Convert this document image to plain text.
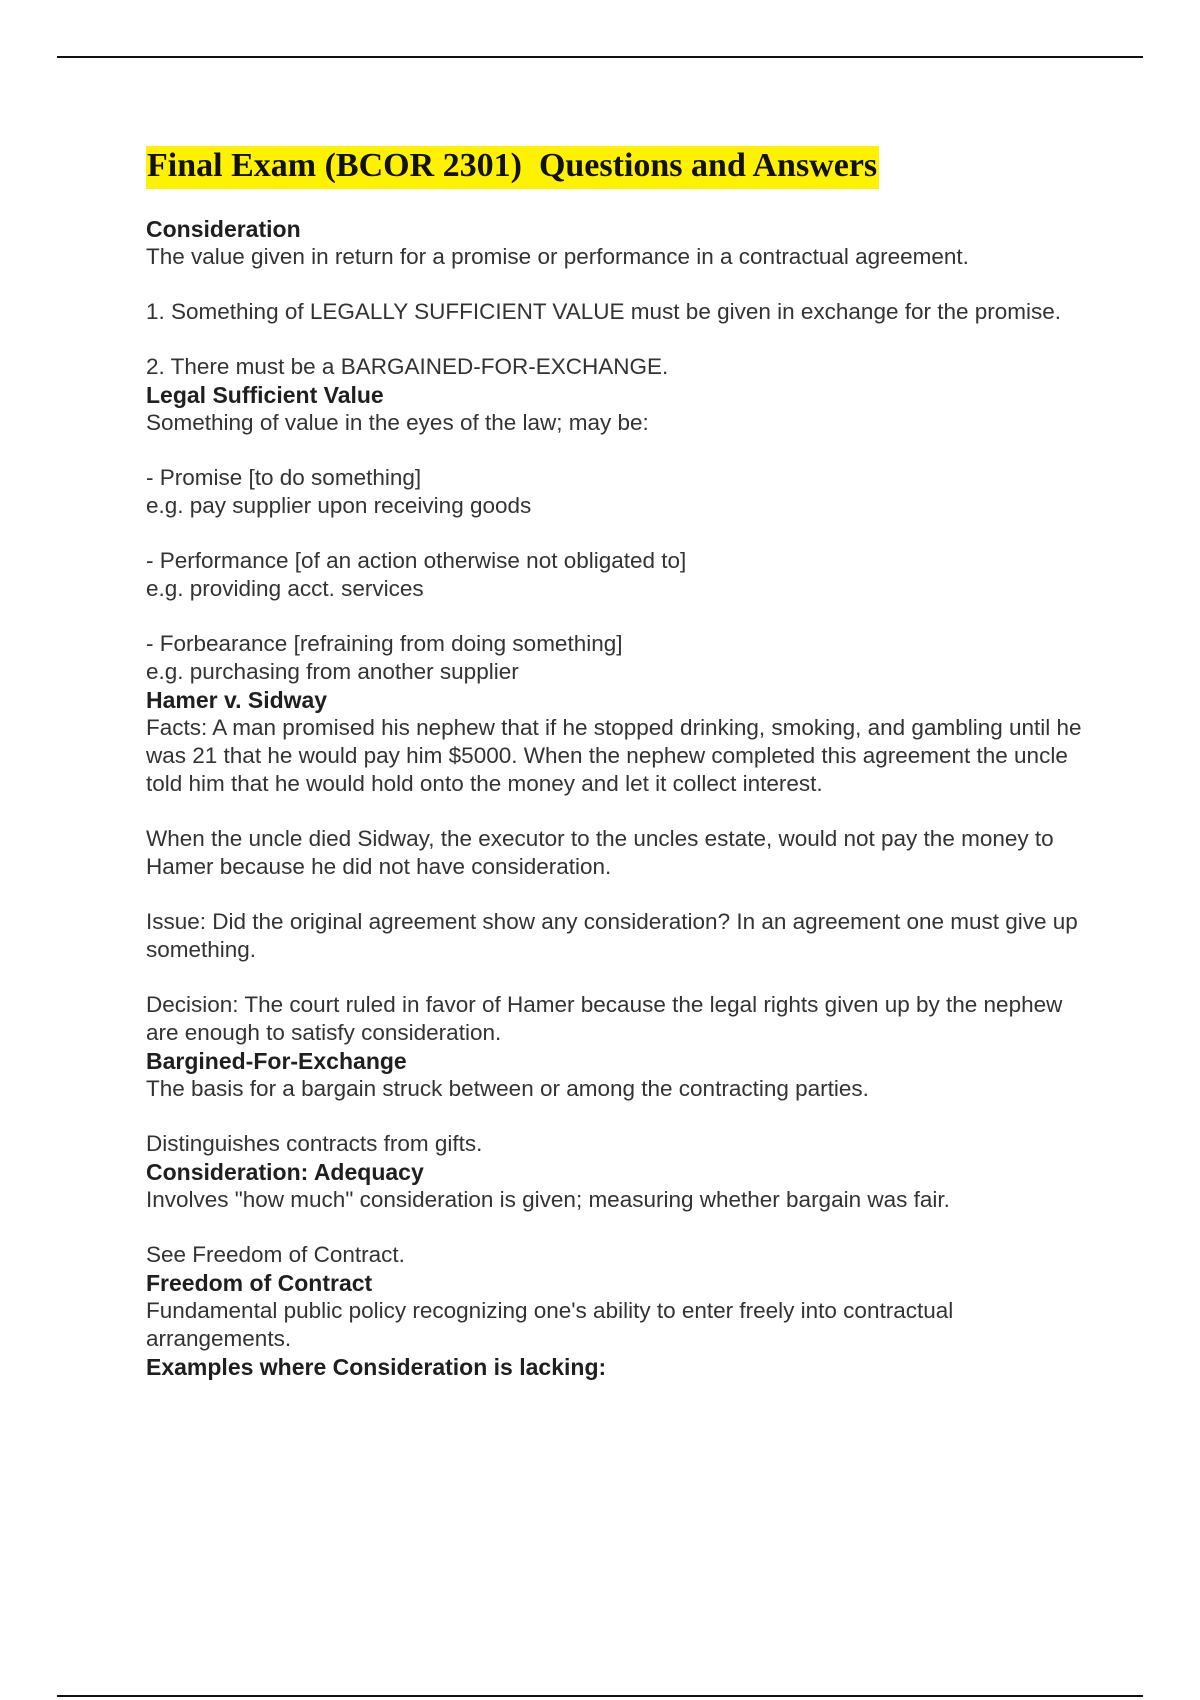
Final Exam (BCOR 2301)  Questions and Answers

Consideration

The value given in return for a promise or performance in a contractual agreement.

1. Something of LEGALLY SUFFICIENT VALUE must be given in exchange for the promise.

2. There must be a BARGAINED-FOR-EXCHANGE.

Legal Sufficient Value

Something of value in the eyes of the law; may be:

- Promise [to do something]
e.g. pay supplier upon receiving goods

- Performance [of an action otherwise not obligated to]
e.g. providing acct. services

- Forbearance [refraining from doing something]
e.g. purchasing from another supplier

Hamer v. Sidway

Facts: A man promised his nephew that if he stopped drinking, smoking, and gambling until he was 21 that he would pay him $5000. When the nephew completed this agreement the uncle told him that he would hold onto the money and let it collect interest.

When the uncle died Sidway, the executor to the uncles estate, would not pay the money to Hamer because he did not have consideration.

Issue: Did the original agreement show any consideration? In an agreement one must give up something.

Decision: The court ruled in favor of Hamer because the legal rights given up by the nephew are enough to satisfy consideration.

Bargined-For-Exchange

The basis for a bargain struck between or among the contracting parties.

Distinguishes contracts from gifts.

Consideration: Adequacy

Involves "how much" consideration is given; measuring whether bargain was fair.

See Freedom of Contract.

Freedom of Contract

Fundamental public policy recognizing one's ability to enter freely into contractual arrangements.

Examples where Consideration is lacking:
